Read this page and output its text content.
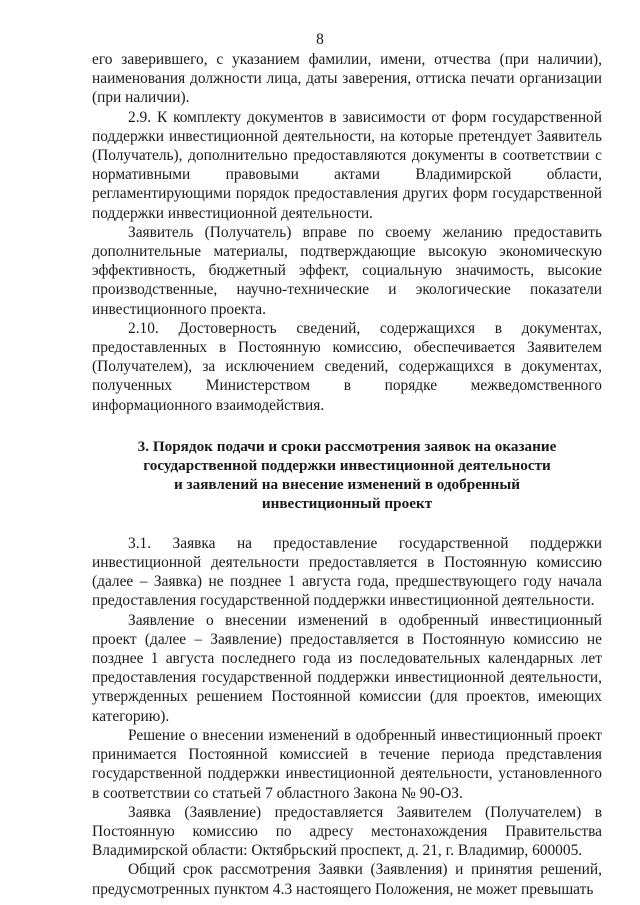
8

его заверившего, с указанием фамилии, имени, отчества (при наличии), наименования должности лица, даты заверения, оттиска печати организации (при наличии).

2.9. К комплекту документов в зависимости от форм государственной поддержки инвестиционной деятельности, на которые претендует Заявитель (Получатель), дополнительно предоставляются документы в соответствии с нормативными правовыми актами Владимирской области, регламентирующими порядок предоставления других форм государственной поддержки инвестиционной деятельности.

Заявитель (Получатель) вправе по своему желанию предоставить дополнительные материалы, подтверждающие высокую экономическую эффективность, бюджетный эффект, социальную значимость, высокие производственные, научно-технические и экологические показатели инвестиционного проекта.

2.10. Достоверность сведений, содержащихся в документах, предоставленных в Постоянную комиссию, обеспечивается Заявителем (Получателем), за исключением сведений, содержащихся в документах, полученных Министерством в порядке межведомственного информационного взаимодействия.

3. Порядок подачи и сроки рассмотрения заявок на оказание
государственной поддержки инвестиционной деятельности
и заявлений на внесение изменений в одобренный
инвестиционный проект

3.1. Заявка на предоставление государственной поддержки инвестиционной деятельности предоставляется в Постоянную комиссию (далее – Заявка) не позднее 1 августа года, предшествующего году начала предоставления государственной поддержки инвестиционной деятельности.

Заявление о внесении изменений в одобренный инвестиционный проект (далее – Заявление) предоставляется в Постоянную комиссию не позднее 1 августа последнего года из последовательных календарных лет предоставления государственной поддержки инвестиционной деятельности, утвержденных решением Постоянной комиссии (для проектов, имеющих категорию).

Решение о внесении изменений в одобренный инвестиционный проект принимается Постоянной комиссией в течение периода представления государственной поддержки инвестиционной деятельности, установленного в соответствии со статьей 7 областного Закона № 90-ОЗ.

Заявка (Заявление) предоставляется Заявителем (Получателем) в Постоянную комиссию по адресу местонахождения Правительства Владимирской области: Октябрьский проспект, д. 21, г. Владимир, 600005.

Общий срок рассмотрения Заявки (Заявления) и принятия решений, предусмотренных пунктом 4.3 настоящего Положения, не может превышать
